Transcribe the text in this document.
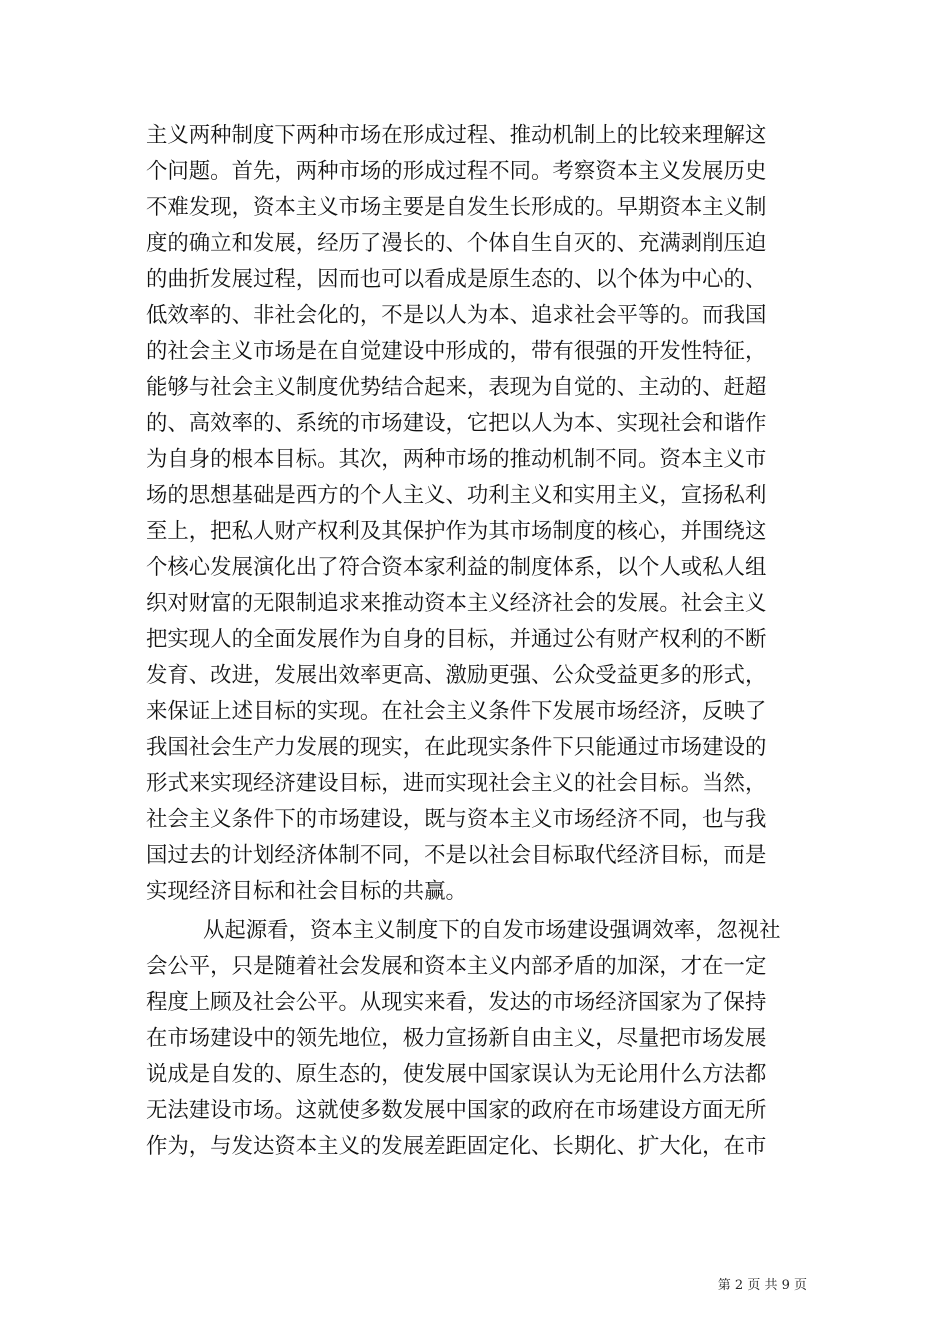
主义两种制度下两种市场在形成过程、推动机制上的比较来理解这
个问题。首先，两种市场的形成过程不同。考察资本主义发展历史
不难发现，资本主义市场主要是自发生长形成的。早期资本主义制
度的确立和发展，经历了漫长的、个体自生自灭的、充满剥削压迫
的曲折发展过程，因而也可以看成是原生态的、以个体为中心的、
低效率的、非社会化的，不是以人为本、追求社会平等的。而我国
的社会主义市场是在自觉建设中形成的，带有很强的开发性特征，
能够与社会主义制度优势结合起来，表现为自觉的、主动的、赶超
的、高效率的、系统的市场建设，它把以人为本、实现社会和谐作
为自身的根本目标。其次，两种市场的推动机制不同。资本主义市
场的思想基础是西方的个人主义、功利主义和实用主义，宣扬私利
至上，把私人财产权利及其保护作为其市场制度的核心，并围绕这
个核心发展演化出了符合资本家利益的制度体系，以个人或私人组
织对财富的无限制追求来推动资本主义经济社会的发展。社会主义
把实现人的全面发展作为自身的目标，并通过公有财产权利的不断
发育、改进，发展出效率更高、激励更强、公众受益更多的形式，
来保证上述目标的实现。在社会主义条件下发展市场经济，反映了
我国社会生产力发展的现实，在此现实条件下只能通过市场建设的
形式来实现经济建设目标，进而实现社会主义的社会目标。当然，
社会主义条件下的市场建设，既与资本主义市场经济不同，也与我
国过去的计划经济体制不同，不是以社会目标取代经济目标，而是
实现经济目标和社会目标的共赢。
从起源看，资本主义制度下的自发市场建设强调效率，忽视社
会公平，只是随着社会发展和资本主义内部矛盾的加深，才在一定
程度上顾及社会公平。从现实来看，发达的市场经济国家为了保持
在市场建设中的领先地位，极力宣扬新自由主义，尽量把市场发展
说成是自发的、原生态的，使发展中国家误认为无论用什么方法都
无法建设市场。这就使多数发展中国家的政府在市场建设方面无所
作为，与发达资本主义的发展差距固定化、长期化、扩大化，在市
第 2 页 共 9 页
